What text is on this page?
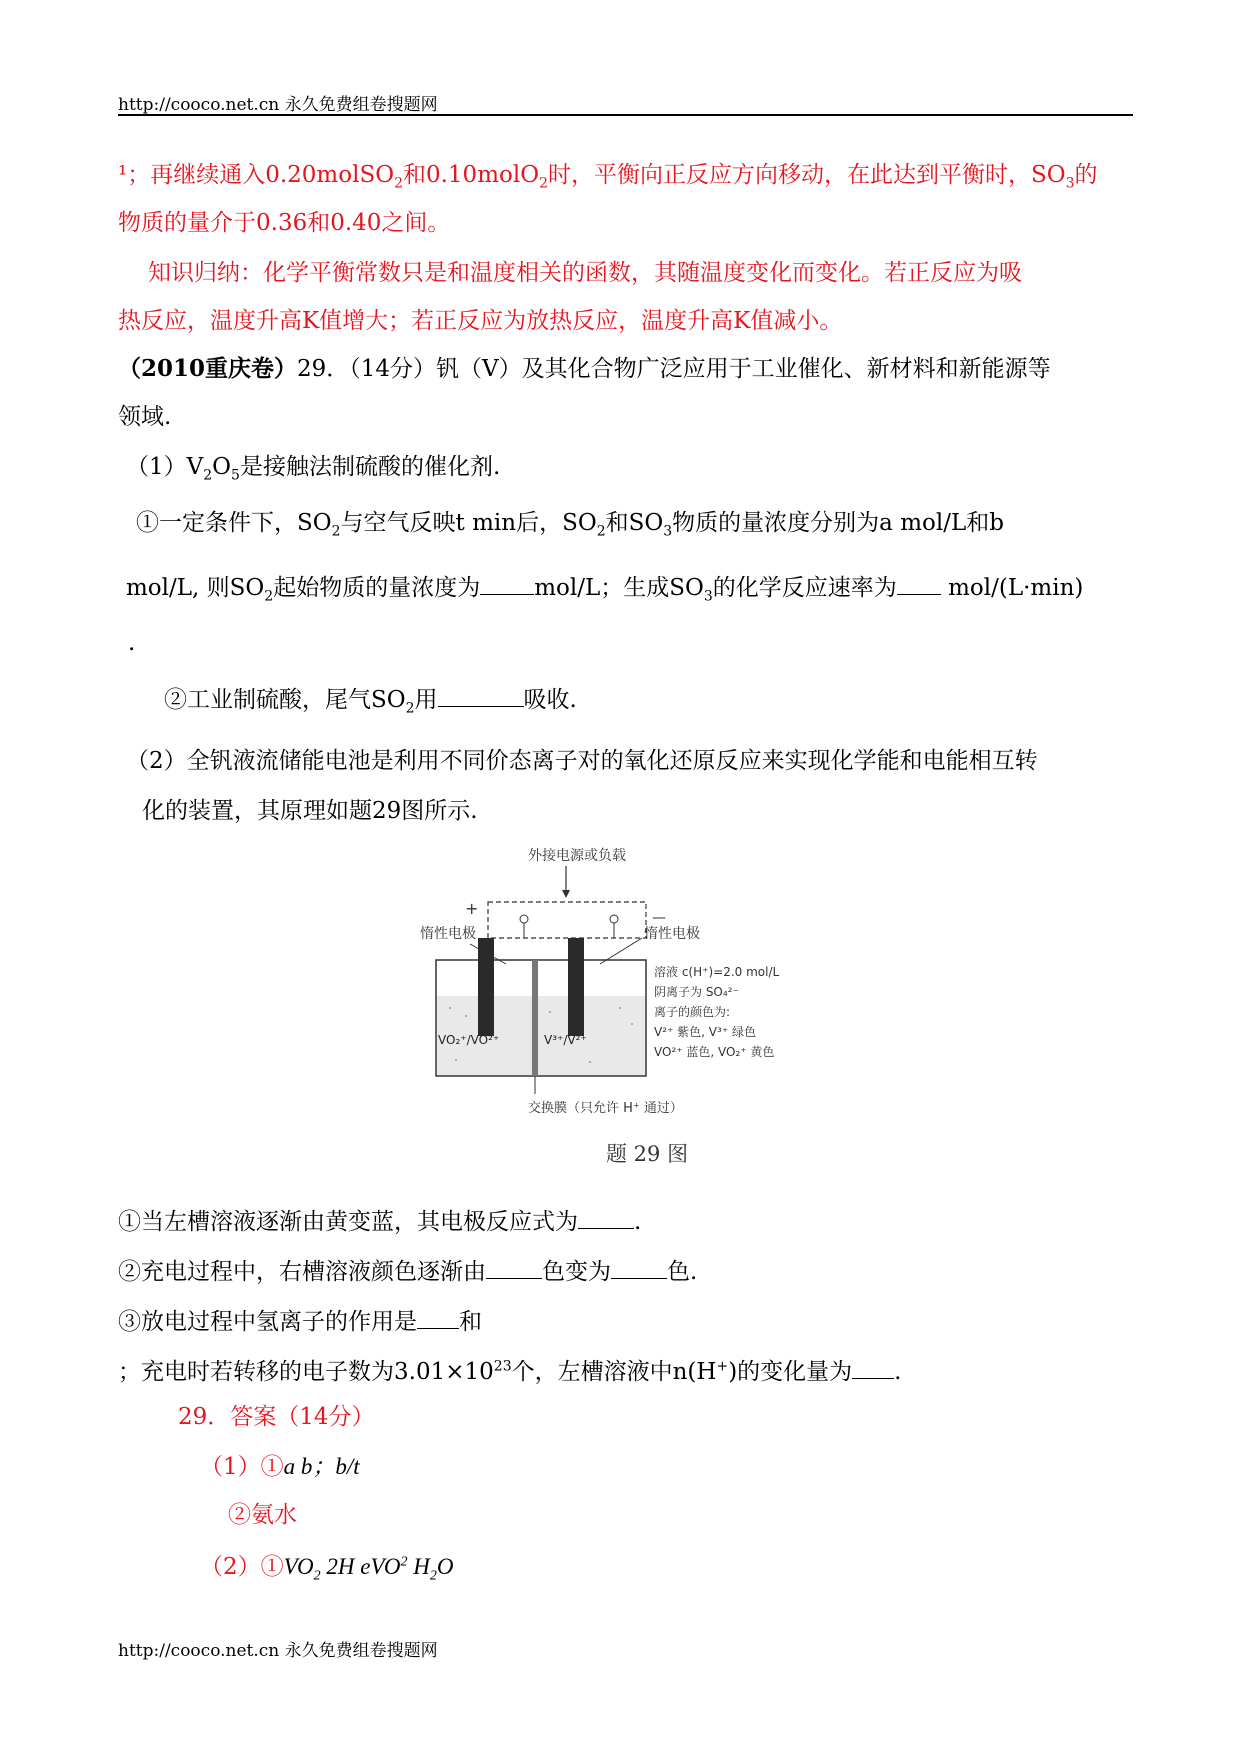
http://cooco.net.cn 永久免费组卷搜题网
¹；再继续通入0.20molSO$_2$和0.10molO$_2$时，平衡向正反应方向移动，在此达到平衡时，$SO_3$的
物质的量介于0.36和0.40之间。
知识归纳：化学平衡常数只是和温度相关的函数，其随温度变化而变化。若正反应为吸
热反应，温度升高K值增大；若正反应为放热反应，温度升高K值减小。
（2010重庆卷）29．（14分）钒（V）及其化合物广泛应用于工业催化、新材料和新能源等
领域.
$(1)V_2O_5$是接触法制硫酸的催化剂.
①一定条件下，$SO_2$与空气反映t min后，$SO_2$和$SO_3$物质的量浓度分别为a mol/L和b
mol/L, 则$SO_2$起始物质的量浓度为 mol/L；生成$SO_3$的化学反应速率为 mol/(L·min)
.
②工业制硫酸，尾气$SO_2$用	吸收.
（2）全钒液流储能电池是利用不同价态离子对的氧化还原反应来实现化学能和电能相互转
化的装置，其原理如题29图所示.
外接电源或负载
+	—
惰性电极	惰性电极
VO₂⁺/VO²⁺	V³⁺/V²⁺
溶液 c(H⁺)=2.0 mol/L
阴离子为 SO₄²⁻
离子的颜色为:
V²⁺ 紫色, V³⁺ 绿色
VO²⁺ 蓝色, VO₂⁺ 黄色
交换膜（只允许 H⁺ 通过）
题 29 图
①当左槽溶液逐渐由黄变蓝，其电极反应式为 .
②充电过程中，右槽溶液颜色逐渐由 色变为 色.
③放电过程中氢离子的作用是 和
；充电时若转移的电子数为$3.01\times 10^{23}$个，左槽溶液中n(H+)的变化量为 .
29．答案（14分）
（1）①a b；b/t
②氨水
$(2)①VO_2$ 2H eVO$^2$ $H_2O$
http://cooco.net.cn 永久免费组卷搜题网
